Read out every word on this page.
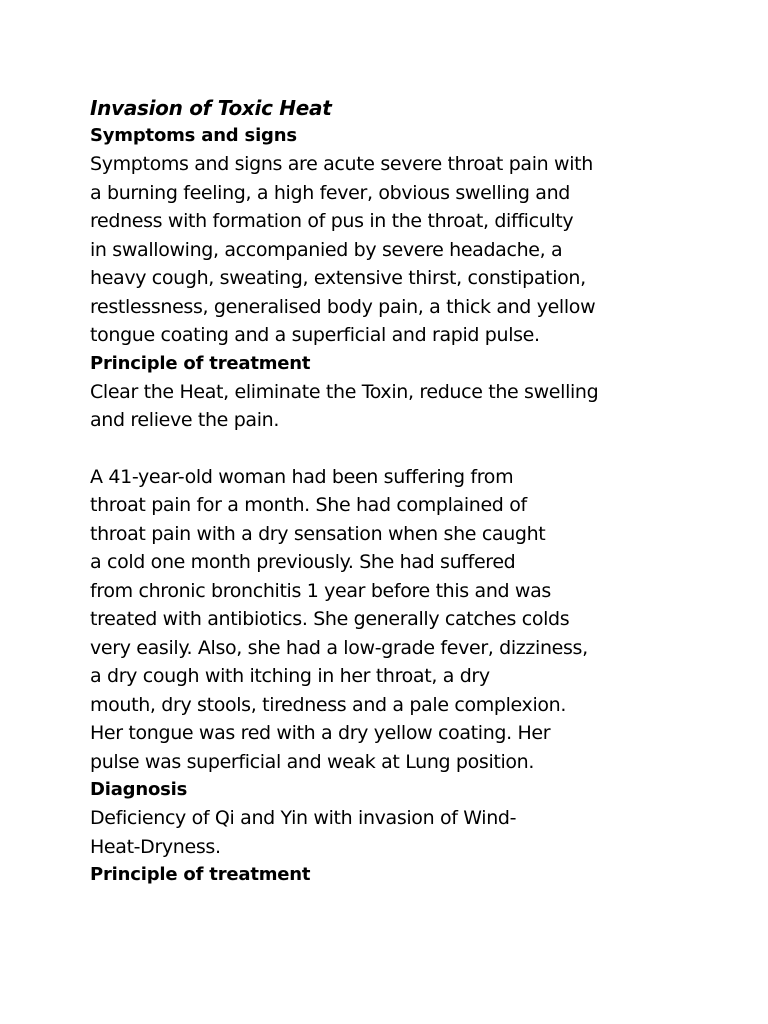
Invasion of Toxic Heat
Symptoms and signs

Symptoms and signs are acute severe throat pain with
a burning feeling, a high fever, obvious swelling and
redness with formation of pus in the throat, difficulty
in swallowing, accompanied by severe headache, a
heavy cough, sweating, extensive thirst, constipation,
restlessness, generalised body pain, a thick and yellow
tongue coating and a superficial and rapid pulse.

Principle of treatment

Clear the Heat, eliminate the Toxin, reduce the swelling
and relieve the pain.

A 41-year-old woman had been suffering from
throat pain for a month. She had complained of
throat pain with a dry sensation when she caught
a cold one month previously. She had suffered
from chronic bronchitis 1 year before this and was
treated with antibiotics. She generally catches colds
very easily. Also, she had a low-grade fever, dizziness,
a dry cough with itching in her throat, a dry
mouth, dry stools, tiredness and a pale complexion.
Her tongue was red with a dry yellow coating. Her
pulse was superficial and weak at Lung position.

Diagnosis

Deficiency of Qi and Yin with invasion of Wind-
Heat-Dryness.

Principle of treatment
